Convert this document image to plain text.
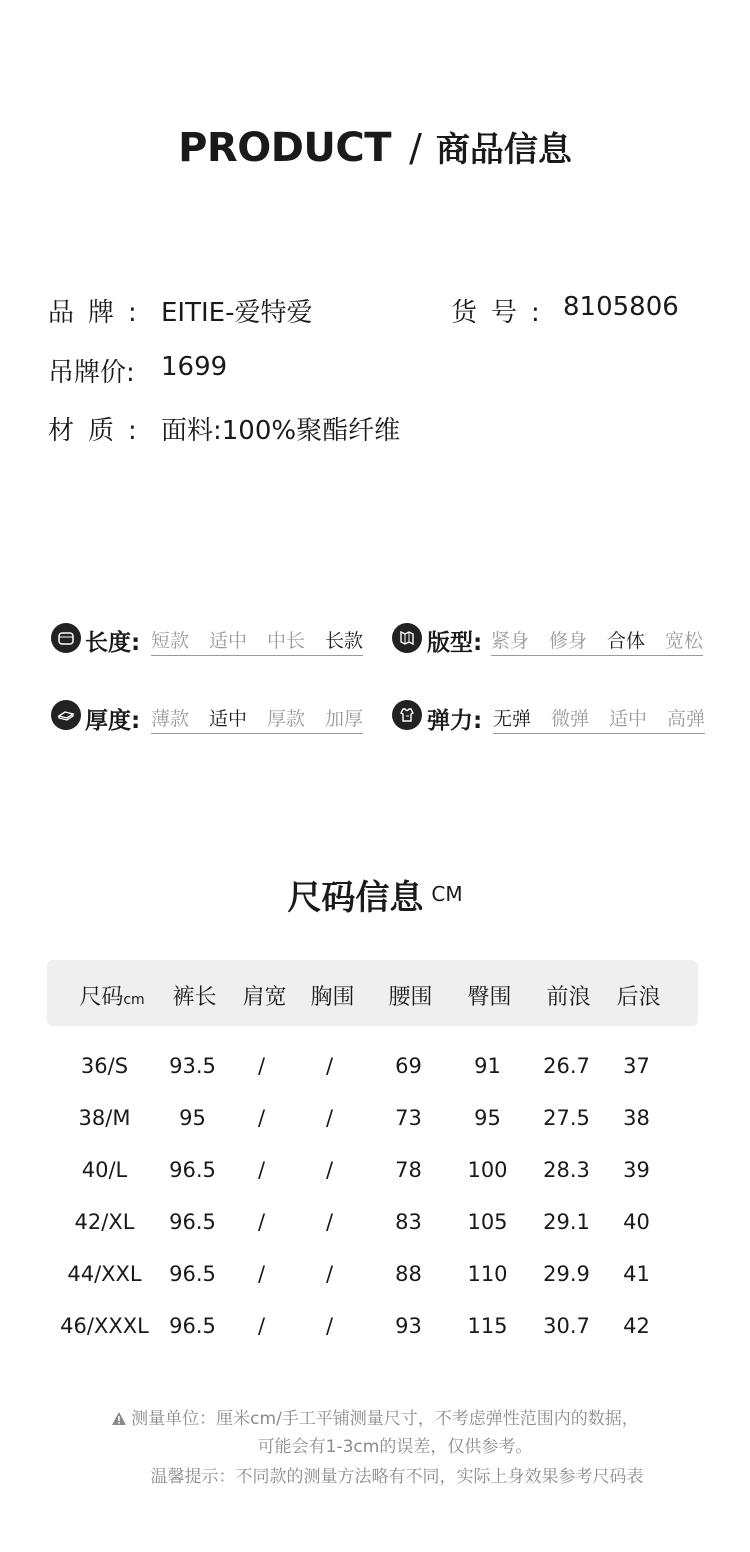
PRODUCT / 商品信息
品牌: EITIE-爱特爱	货号: 8105806
吊牌价: 1699
材质: 面料:100%聚酯纤维
长度: 短款 适中 中长 长款	版型: 紧身 修身 合体 宽松
厚度: 薄款 适中 厚款 加厚	弹力: 无弹 微弹 适中 高弹
尺码信息 CM
尺码cm	裤长	肩宽	胸围	腰围	臀围	前浪	后浪
36/S	93.5	/	/	69	91	26.7	37
38/M	95	/	/	73	95	27.5	38
40/L	96.5	/	/	78	100	28.3	39
42/XL	96.5	/	/	83	105	29.1	40
44/XXL	96.5	/	/	88	110	29.9	41
46/XXXL 96.5	/	/	93	115	30.7	42
测量单位：厘米cm/手工平铺测量尺寸，不考虑弹性范围内的数据，
可能会有1-3cm的误差，仅供参考。
温馨提示：不同款的测量方法略有不同，实际上身效果参考尺码表
